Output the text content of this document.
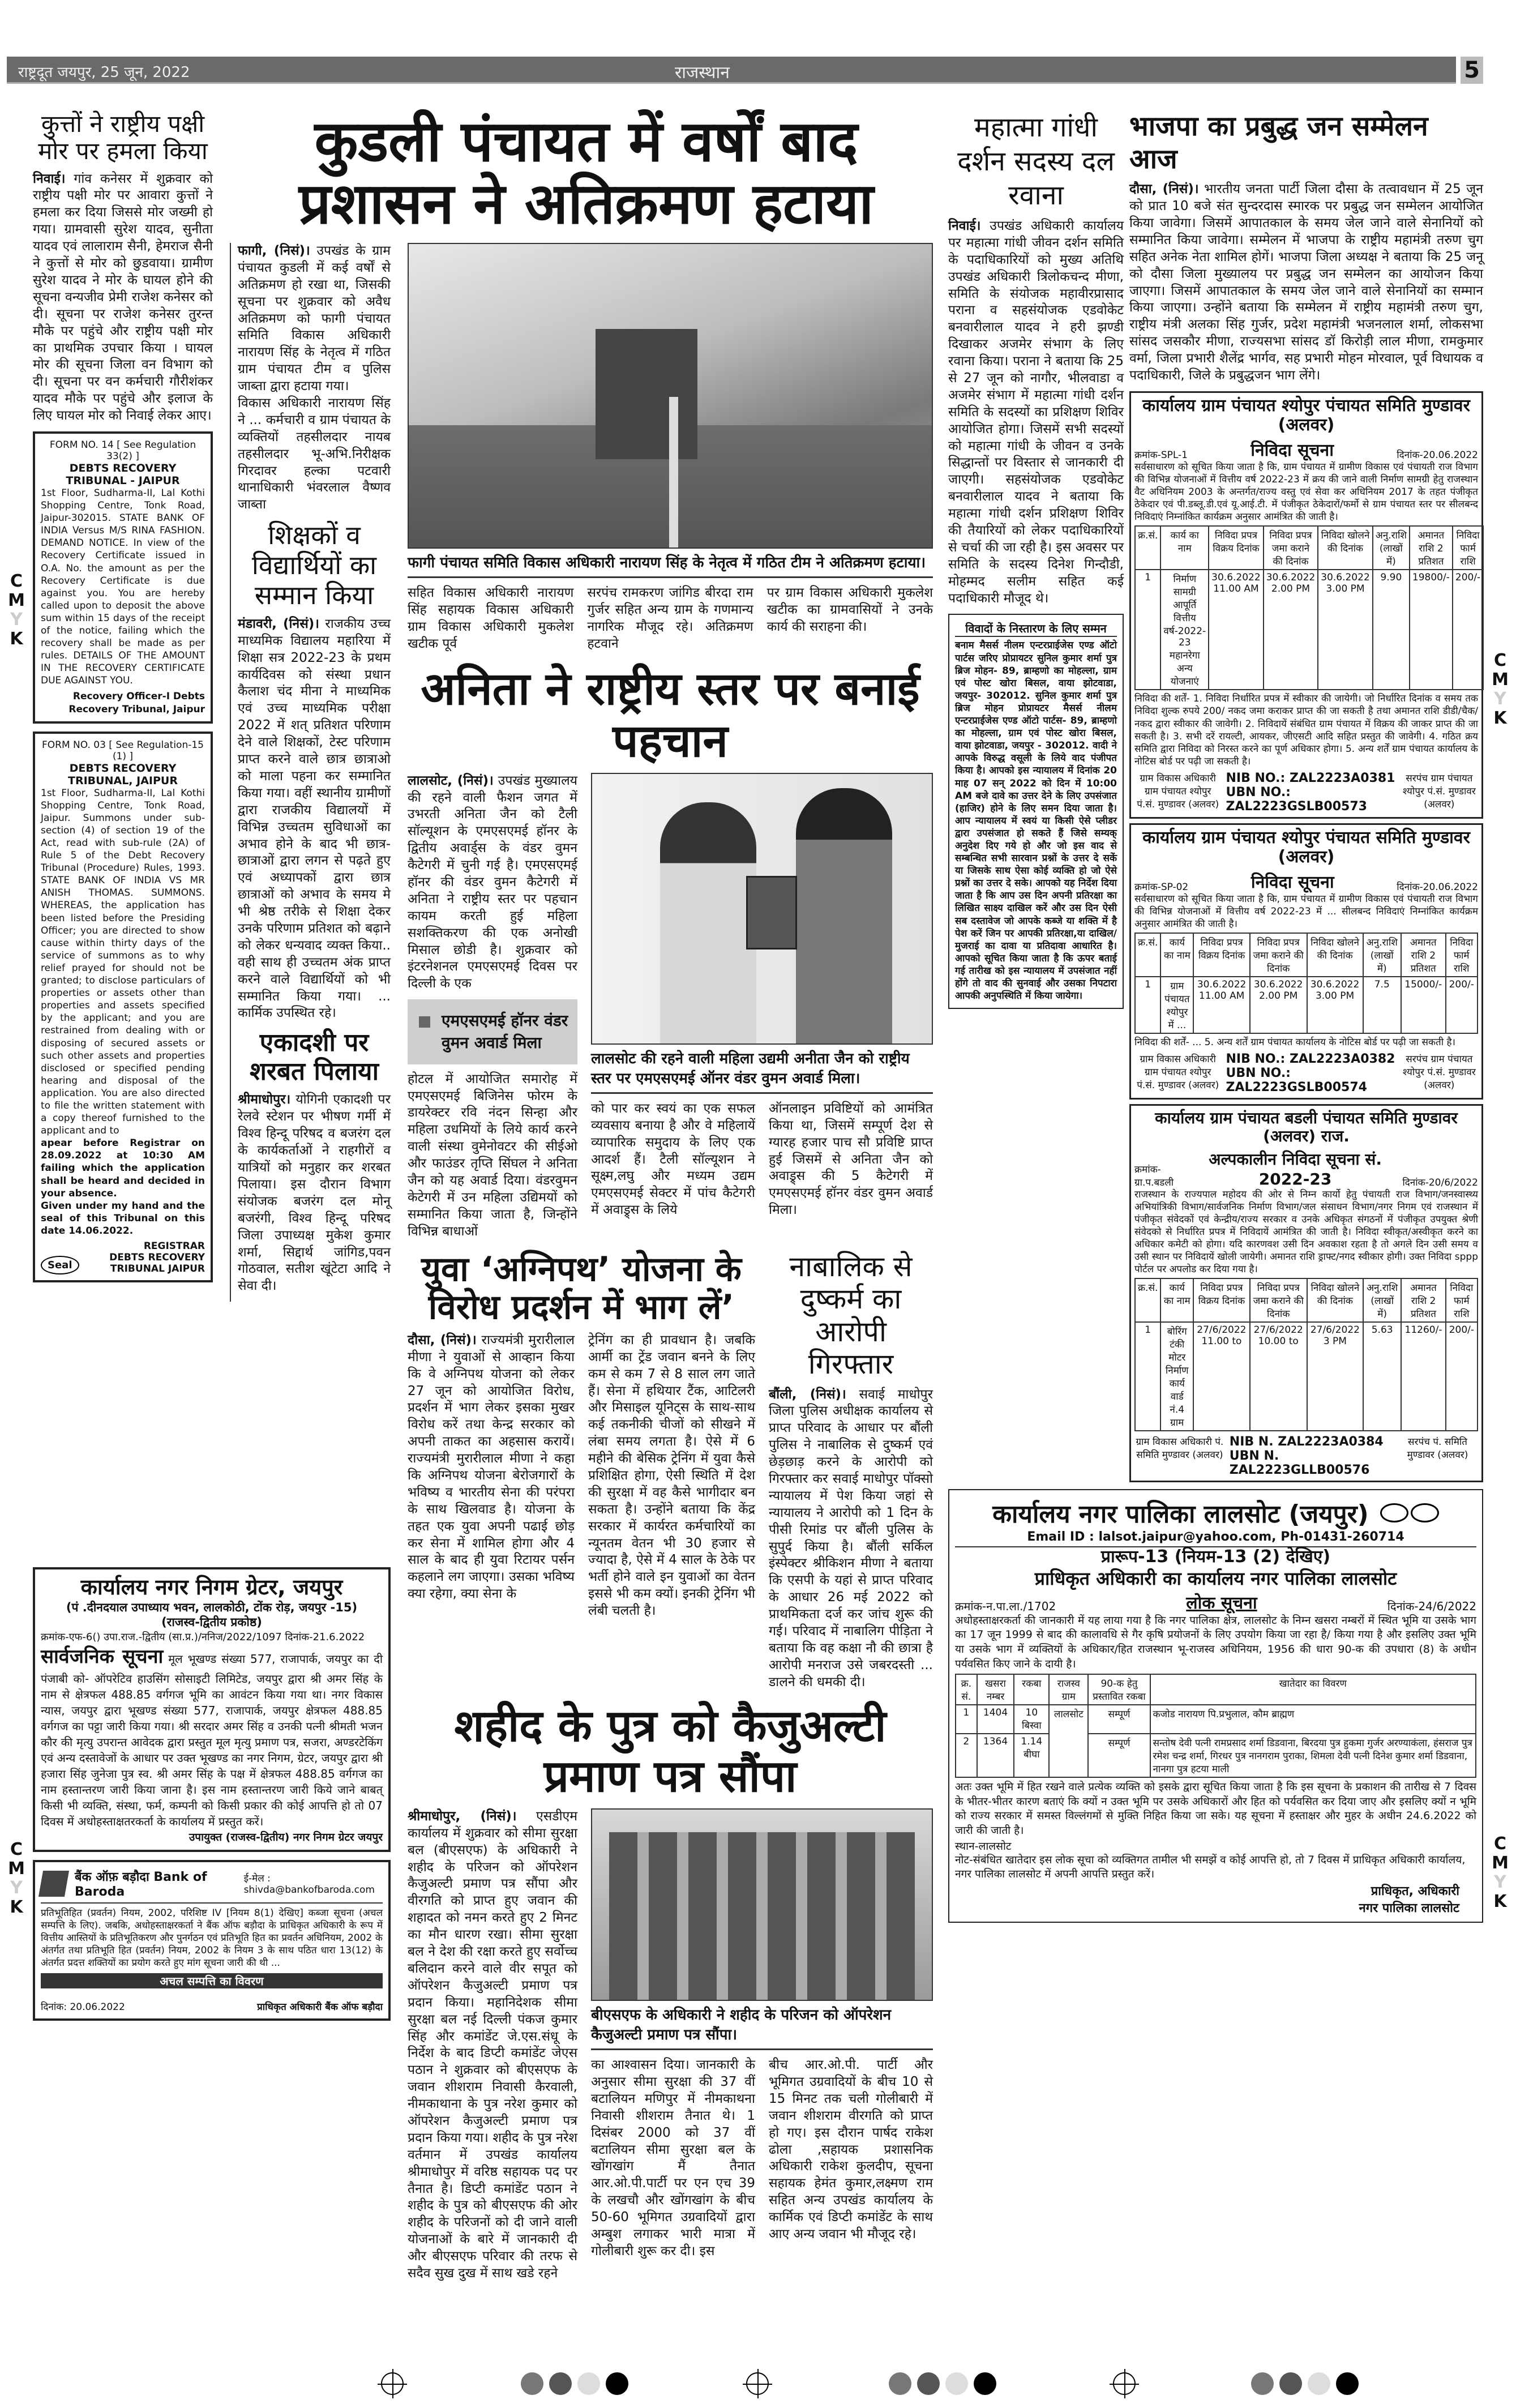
राष्ट्रदूत जयपुर, 25 जून, 2022	राजस्थान	5
कुत्तों ने राष्ट्रीय पक्षी मोर पर हमला किया
निवाई। गांव कनेसर में शुक्रवार को राष्ट्रीय पक्षी मोर पर आवारा कुत्तों ने हमला कर दिया जिससे मोर जख्मी हो गया। ग्रामवासी सुरेश यादव, सुनीता यादव एवं लालाराम सैनी, हेमराज सैनी ने कुत्तों से मोर को छुडवाया। ग्रामीण सुरेश यादव ने मोर के घायल होने की सूचना वन्यजीव प्रेमी राजेश कनेसर को दी। सूचना पर राजेश कनेसर तुरन्त मौके पर पहुंचे और राष्ट्रीय पक्षी मोर का प्राथमिक उपचार किया । घायल मोर की सूचना जिला वन विभाग को दी। सूचना पर वन कर्मचारी गौरीशंकर यादव मौके पर पहुंचे और इलाज के लिए घायल मोर को निवाई लेकर आए।
FORM NO. 14 [ See Regulation 33(2) ]
DEBTS RECOVERY TRIBUNAL - JAIPUR
1st Floor, Sudharma-II, Lal Kothi Shopping Centre, Tonk Road, Jaipur-302015. STATE BANK OF INDIA Versus M/S RINA FASHION. DEMAND NOTICE. In view of the Recovery Certificate issued in O.A. No. the amount as per the Recovery Certificate is due against you. You are hereby called upon to deposit the above sum within 15 days of the receipt of the notice, failing which the recovery shall be made as per rules. DETAILS OF THE AMOUNT IN THE RECOVERY CERTIFICATE DUE AGAINST YOU.
Recovery Officer-I Debts Recovery Tribunal, Jaipur
FORM NO. 03 [ See Regulation-15 (1) ]
DEBTS RECOVERY TRIBUNAL, JAIPUR
1st Floor, Sudharma-II, Lal Kothi Shopping Centre, Tonk Road, Jaipur. Summons under sub-section (4) of section 19 of the Act, read with sub-rule (2A) of Rule 5 of the Debt Recovery Tribunal (Procedure) Rules, 1993. STATE BANK OF INDIA VS MR ANISH THOMAS. SUMMONS. WHEREAS, the application has been listed before the Presiding Officer; you are directed to show cause within thirty days of the service of summons as to why relief prayed for should not be granted; to disclose particulars of properties or assets other than properties and assets specified by the applicant; and you are restrained from dealing with or disposing of secured assets or such other assets and properties disclosed or specified pending hearing and disposal of the application. You are also directed to file the written statement with a copy thereof furnished to the applicant and to
apear before Registrar on 28.09.2022 at 10:30 AM failing which the application shall be heard and decided in your absence.
Given under my hand and the seal of this Tribunal on this date 14.06.2022.
Seal
REGISTRAR
DEBTS RECOVERY TRIBUNAL JAIPUR
कुडली पंचायत में वर्षों बाद
प्रशासन ने अतिक्रमण हटाया
फागी, (निसं)। उपखंड के ग्राम पंचायत कुडली में कई वर्षों से अतिक्रमण हो रखा था, जिसकी सूचना पर शुक्रवार को अवैध अतिक्रमण को फागी पंचायत समिति विकास अधिकारी नारायण सिंह के नेतृत्व में गठित ग्राम पंचायत टीम व पुलिस जाब्ता द्वारा हटाया गया।
विकास अधिकारी नारायण सिंह ने ... कर्मचारी व ग्राम पंचायत के व्यक्तियों तहसीलदार नायब तहसीलदार भू-अभि.निरीक्षक गिरदावर हल्का पटवारी थानाधिकारी भंवरलाल वैष्णव जाब्ता
शिक्षकों व विद्यार्थियों का सम्मान किया
मंडावरी, (निसं)। राजकीय उच्च माध्यमिक विद्यालय महारिया में शिक्षा सत्र 2022-23 के प्रथम कार्यदिवस को संस्था प्रधान कैलाश चंद मीना ने माध्यमिक एवं उच्च माध्यमिक परीक्षा 2022 में शत् प्रतिशत परिणाम देने वाले शिक्षकों, टेस्ट परिणाम प्राप्त करने वाले छात्र छात्राओ को माला पहना कर सम्मानित किया गया। वहीं स्थानीय ग्रामीणों द्वारा राजकीय विद्यालयों में विभिन्न उच्चतम सुविधाओं का अभाव होने के बाद भी छात्र-छात्राओं द्वारा लगन से पढ़ते हुए एवं अध्यापकों द्वारा छात्र छात्राओं को अभाव के समय मे भी श्रेष्ठ तरीके से शिक्षा देकर उनके परिणाम प्रतिशत को बढ़ाने को लेकर धन्यवाद व्यक्त किया.. वही साथ ही उच्चतम अंक प्राप्त करने वाले विद्यार्थियों को भी सम्मानित किया गया। ... कार्मिक उपस्थित रहे।
एकादशी पर शरबत पिलाया
श्रीमाधोपुर। योगिनी एकादशी पर रेलवे स्टेशन पर भीषण गर्मी में विश्व हिन्दू परिषद व बजरंग दल के कार्यकर्ताओं ने राहगीरों व यात्रियों को मनुहार कर शरबत पिलाया। इस दौरान विभाग संयोजक बजरंग दल मोनू बजरंगी, विश्व हिन्दू परिषद जिला उपाध्यक्ष मुकेश कुमार शर्मा, सिद्दार्थ जांगिड,पवन गोठवाल, सतीश खूंटेटा आदि ने सेवा दी।
फागी पंचायत समिति विकास अधिकारी नारायण सिंह के नेतृत्व में गठित टीम ने अतिक्रमण हटाया।
सहित विकास अधिकारी नारायण सिंह सहायक विकास अधिकारी ग्राम विकास अधिकारी मुकलेश खटीक पूर्व
सरपंच रामकरण जांगिड बीरदा राम गुर्जर सहित अन्य ग्राम के गणमान्य नागरिक मौजूद रहे। अतिक्रमण हटवाने
पर ग्राम विकास अधिकारी मुकलेश खटीक का ग्रामवासियों ने उनके कार्य की सराहना की।
अनिता ने राष्ट्रीय स्तर पर बनाई पहचान
लालसोट, (निसं)। उपखंड मुख्यालय की रहने वाली फैशन जगत में उभरती अनिता जैन को टैली सॉल्यूशन के एमएसएमई हॉनर के द्वितीय अवार्ड्स के वंडर वुमन कैटेगरी में चुनी गई है। एमएसएमई हॉनर की वंडर वुमन कैटेगरी में अनिता ने राष्ट्रीय स्तर पर पहचान कायम करती हुई महिला सशक्तिकरण की एक अनोखी मिसाल छोडी है। शुक्रवार को इंटरनेशनल एमएसएमई दिवस पर दिल्ली के एक
एमएसएमई हॉनर वंडर वुमन अवार्ड मिला
होटल में आयोजित समारोह में एमएसएमई बिजिनेस फोरम के डायरेक्टर रवि नंदन सिन्हा और महिला उधमियों के लिये कार्य करने वाली संस्था वुमेनोवटर की सीईओ और फाउंडर तृप्ति सिंघल ने अनिता जैन को यह अवार्ड दिया। वंडरवुमन केटेगरी में उन महिला उद्यिमयों को सम्मानित किया जाता है, जिन्होंने विभिन्न बाधाओं
लालसोट की रहने वाली महिला उद्यमी अनीता जैन को राष्ट्रीय स्तर पर एमएसएमई ऑनर वंडर वुमन अवार्ड मिला।
को पार कर स्वयं का एक सफल व्यवसाय बनाया है और वे महिलायें व्यापारिक समुदाय के लिए एक आदर्श हैं। टैली सॉल्यूशन ने सूक्ष्म,लघु और मध्यम उद्यम एमएसएमई सेक्टर में पांच कैटेगरी में अवाड्र्स के लिये
ऑनलाइन प्रविष्टियों को आमंत्रित किया था, जिसमें सम्पूर्ण देश से ग्यारह हजार पाच सौ प्रविष्टि प्राप्त हुई जिसमें से अनिता जैन को अवाड्र्स की 5 कैटेगरी में एमएसएमई हॉनर वंडर वुमन अवार्ड मिला।
युवा ‘अग्निपथ’ योजना के विरोध प्रदर्शन में भाग लें’
दौसा, (निसं)। राज्यमंत्री मुरारीलाल मीणा ने युवाओं से आव्हान किया कि वे अग्निपथ योजना को लेकर 27 जून को आयोजित विरोध, प्रदर्शन में भाग लेकर इसका मुखर विरोध करें तथा केन्द्र सरकार को अपनी ताकत का अहसास करायें। राज्यमंत्री मुरारीलाल मीणा ने कहा कि अग्निपथ योजना बेरोजगारों के भविष्य व भारतीय सेना की परंपरा के साथ खिलवाड है। योजना के तहत एक युवा अपनी पढाई छोड़ कर सेना में शामिल होगा और 4 साल के बाद ही युवा रिटायर पर्सन कहलाने लग जाएगा। उसका भविष्य क्या रहेगा, क्या सेना के
ट्रेनिंग का ही प्रावधान है। जबकि आर्मी का ट्रेंड जवान बनने के लिए कम से कम 7 से 8 साल लग जाते हैं। सेना में हथियार टैंक, आटिलरी और मिसाइल यूनिट्स के साथ-साथ कई तकनीकी चीजों को सीखने में लंबा समय लगता है। ऐसे में 6 महीने की बेसिक ट्रेनिंग में युवा कैसे प्रशिक्षित होगा, ऐसी स्थिति में देश की सुरक्षा में वह कैसे भागीदार बन सकता है। उन्होंने बताया कि केंद्र सरकार में कार्यरत कर्मचारियों का न्यूनतम वेतन भी 30 हजार से ज्यादा है, ऐसे में 4 साल के ठेके पर भर्ती होने वाले इन युवाओं का वेतन इससे भी कम क्यों। इनकी ट्रेनिंग भी लंबी चलती है।
नाबालिक से दुष्कर्म का आरोपी गिरफ्तार
बौंली, (निसं)। सवाई माधोपुर जिला पुलिस अधीक्षक कार्यालय से प्राप्त परिवाद के आधार पर बौंली पुलिस ने नाबालिक से दुष्कर्म एवं छेड़छाड़ करने के आरोपी को गिरफ्तार कर सवाई माधोपुर पॉक्सो न्यायालय में पेश किया जहां से न्यायालय ने आरोपी को 1 दिन के पीसी रिमांड पर बौंली पुलिस के सुपुर्द किया है। बौंली सर्किल इंस्पेक्टर श्रीकिशन मीणा ने बताया कि एसपी के यहां से प्राप्त परिवाद के आधार 26 मई 2022 को प्राथमिकता दर्ज कर जांच शुरू की गई। परिवाद में नाबालिग पीड़िता ने बताया कि वह कक्षा नौ की छात्रा है आरोपी मनराज उसे जबरदस्ती ... डालने की धमकी दी।
शहीद के पुत्र को कैजुअल्टी प्रमाण पत्र सौंपा
श्रीमाधोपुर, (निसं)। एसडीएम कार्यालय में शुक्रवार को सीमा सुरक्षा बल (बीएसएफ) के अधिकारी ने शहीद के परिजन को ऑपरेशन कैजुअल्टी प्रमाण पत्र सौंपा और वीरगति को प्राप्त हुए जवान की शहादत को नमन करते हुए 2 मिनट का मौन धारण रखा। सीमा सुरक्षा बल ने देश की रक्षा करते हुए सर्वोच्च बलिदान करने वाले वीर सपूत को ऑपरेशन कैजुअल्टी प्रमाण पत्र प्रदान किया। महानिदेशक सीमा सुरक्षा बल नई दिल्ली पंकज कुमार सिंह और कमांडेंट जे.एस.संधू के निर्देश के बाद डिप्टी कमांडेंट जेएस पठान ने शुक्रवार को बीएसएफ के जवान शीशराम निवासी कैरवाली, नीमकाथाना के पुत्र नरेश कुमार को ऑपरेशन कैजुअल्टी प्रमाण पत्र प्रदान किया गया। शहीद के पुत्र नरेश वर्तमान में उपखंड कार्यालय श्रीमाधोपुर में वरिष्ठ सहायक पद पर तैनात है। डिप्टी कमांडेंट पठान ने शहीद के पुत्र को बीएसएफ की ओर शहीद के परिजनों को दी जाने वाली योजनाओं के बारे में जानकारी दी और बीएसएफ परिवार की तरफ से सदैव सुख दुख में साथ खडे रहने
बीएसएफ के अधिकारी ने शहीद के परिजन को ऑपरेशन कैजुअल्टी प्रमाण पत्र सौंपा।
का आश्वासन दिया। जानकारी के अनुसार सीमा सुरक्षा की 37 वीं बटालियन मणिपुर में नीमकाथना निवासी शीशराम तैनात थे। 1 दिसंबर 2000 को 37 वीं बटालियन सीमा सुरक्षा बल के खोंगखांग मैं तैनात आर.ओ.पी.पार्टी पर एन एच 39 के लखचौ और खोंगखांग के बीच 50-60 भूमिगत उग्रवादियों द्वारा अम्बुश लगाकर भारी मात्रा में गोलीबारी शुरू कर दी। इस
बीच आर.ओ.पी. पार्टी और भूमिगत उग्रवादियों के बीच 10 से 15 मिनट तक चली गोलीबारी में जवान शीशराम वीरगति को प्राप्त हो गए। इस दौरान पार्षद राकेश ढोला ,सहायक प्रशासनिक अधिकारी राकेश कुलदीप, सूचना सहायक हेमंत कुमार,लक्ष्मण राम सहित अन्य उपखंड कार्यालय के कार्मिक एवं डिप्टी कमांडेंट के साथ आए अन्य जवान भी मौजूद रहे।
कार्यालय नगर निगम ग्रेटर, जयपुर
(पं .दीनदयाल उपाध्याय भवन, लालकोठी, टोंक रोड़, जयपुर -15)
(राजस्व-द्वितीय प्रकोष्ठ)
क्रमांक-एफ-6() उपा.राज.-द्वितीय (सा.प्र.)/ननिज/2022/1097 दिनांक-21.6.2022
सार्वजनिक सूचना मूल भूखण्ड संख्या 577, राजापार्क, जयपुर का दी पंजाबी को- ऑपरेटिव हाउसिंग सोसाइटी लिमिटेड, जयपुर द्वारा श्री अमर सिंह के नाम से क्षेत्रफल 488.85 वर्गगज भूमि का आवंटन किया गया था। नगर विकास न्यास, जयपुर द्वारा भूखण्ड संख्या 577, राजापार्क, जयपुर क्षेत्रफल 488.85 वर्गगज का पट्टा जारी किया गया। श्री सरदार अमर सिंह व उनकी पत्नी श्रीमती भजन कौर की मृत्यु उपरान्त आवेदक द्वारा प्रस्तुत मूल मृत्यु प्रमाण पत्र, सजरा, अण्डरटेकिंग एवं अन्य दस्तावेजों के आधार पर उक्त भूखण्ड का नगर निगम, ग्रेटर, जयपुर द्वारा श्री हजारा सिंह जुनेजा पुत्र स्व. श्री अमर सिंह के पक्ष में क्षेत्रफल 488.85 वर्गगज का नाम हस्तान्तरण जारी किया जाना है। इस नाम हस्तान्तरण जारी किये जाने बाबत् किसी भी व्यक्ति, संस्था, फर्म, कम्पनी को किसी प्रकार की कोई आपत्ति हो तो 07 दिवस में अधोहस्ताक्षतरकर्ता के कार्यालय में प्रस्तुत करें।
उपायुक्त (राजस्व-द्वितीय) नगर निगम ग्रेटर जयपुर
बैंक ऑफ़ बड़ौदा Bank of Baroda
ई-मेल : shivda@bankofbaroda.com
प्रतिभूतिहित (प्रवर्तन) नियम, 2002, परिशिष्ट IV [नियम 8(1) देखिए] कब्जा सूचना (अचल सम्पत्ति के लिए). जबकि, अधोहस्ताक्षरकर्ता ने बैंक ऑफ बड़ौदा के प्राधिकृत अधिकारी के रूप में वित्तीय आस्तियों के प्रतिभूतिकरण और पुनर्गठन एवं प्रतिभूति हित का प्रवर्तन अधिनियम, 2002 के अंतर्गत तथा प्रतिभूति हित (प्रवर्तन) नियम, 2002 के नियम 3 के साथ पठित धारा 13(12) के अंतर्गत प्रदत्त शक्तियों का प्रयोग करते हुए मांग सूचना जारी की थी ...
अचल सम्पत्ति का विवरण
दिनांक: 20.06.2022	प्राधिकृत अधिकारी बैंक ऑफ बड़ौदा
महात्मा गांधी दर्शन सदस्य दल रवाना
निवाई। उपखंड अधिकारी कार्यालय पर महात्मा गांधी जीवन दर्शन समिति के पदाधिकारियों को मुख्य अतिथि उपखंड अधिकारी त्रिलोकचन्द मीणा, समिति के संयोजक महावीरप्रासाद पराना व सहसंयोजक एडवोकेट बनवारीलाल यादव ने हरी झण्डी दिखाकर अजमेर संभाग के लिए रवाना किया। पराना ने बताया कि 25 से 27 जून को नागौर, भीलवाडा व अजमेर संभाग में महात्मा गांधी दर्शन समिति के सदस्यों का प्रशिक्षण शिविर आयोजित होगा। जिसमें सभी सदस्यों को महात्मा गांधी के जीवन व उनके सिद्धान्तों पर विस्तार से जानकारी दी जाएगी। सहसंयोजक एडवोकेट बनवारीलाल यादव ने बताया कि महात्मा गांधी दर्शन प्रशिक्षण शिविर की तैयारियों को लेकर पदाधिकारियों से चर्चा की जा रही है। इस अवसर पर समिति के सदस्य दिनेश गिन्दौडी, मोहम्मद सलीम सहित कई पदाधिकारी मौजूद थे।
विवादों के निस्तारण के लिए सम्मन
बनाम मैसर्स नीलम एन्टरप्राईजेस एण्ड ऑटो पार्टस जरिए प्रोप्रायटर सुनिल कुमार शर्मा पुत्र ब्रिज मोहन- 89, ब्राम्हणो का मोहल्ला, ग्राम एवं पोस्ट खोरा बिसल, वाया झोटवाडा, जयपुर- 302012. सुनिल कुमार शर्मा पुत्र ब्रिज मोहन प्रोप्रायटर मैसर्स नीलम एन्टरप्राईजेस एण्ड ऑटो पार्टस- 89, ब्राम्हणो का मोहल्ला, ग्राम एवं पोस्ट खोरा बिसल, वाया झोटवाडा, जयपुर - 302012. वादी ने आपके विरुद्ध वसूली के लिये वाद पंजीपत किया है। आपको इस न्यायालय में दिनांक 20 माह 07 सन् 2022 को दिन में 10:00 AM बजे दावे का उत्तर देने के लिए उपसंजात (हाजिर) होने के लिए समन दिया जाता है। आप न्यायालय में स्वयं या किसी ऐसे प्लीडर द्वारा उपसंजात हो सकते हैं जिसे सम्यक् अनुदेश दिए गये हो और जो इस वाद से सम्बन्धित सभी सारवान प्रश्नों के उत्तर दे सकें या जिसके साथ ऐसा कोई व्यक्ति हो जो ऐसे प्रश्नों का उत्तर दे सके। आपको यह निर्देश दिया जाता है कि आप उस दिन अपनी प्रतिरक्षा का लिखित साक्ष्य दाखिल करें और उस दिन ऐसी सब दस्तावेज जो आपके कब्जे या शक्ति में है पेश करें जिन पर आपकी प्रतिरक्षा,या दाखिल/मुजराई का दावा या प्रतिदावा आधारित है। आपको सूचित किया जाता है कि ऊपर बताई गई तारीख को इस न्यायालय में उपसंजात नहीं होंगे तो वाद की सुनवाई और उसका निपटारा आपकी अनुपस्थिति में किया जायेगा।
भाजपा का प्रबुद्ध जन सम्मेलन आज
दौसा, (निसं)। भारतीय जनता पार्टी जिला दौसा के तत्वावधान में 25 जून को प्रात 10 बजे संत सुन्दरदास स्मारक पर प्रबुद्ध जन सम्मेलन आयोजित किया जावेगा। जिसमें आपातकाल के समय जेल जाने वाले सेनानियों को सम्मानित किया जावेगा। सम्मेलन में भाजपा के राष्ट्रीय महामंत्री तरुण चुग सहित अनेक नेता शामिल होगें। भाजपा जिला अध्यक्ष ने बताया कि 25 जनू को दौसा जिला मुख्यालय पर प्रबुद्ध जन सम्मेलन का आयोजन किया जाएगा। जिसमें आपातकाल के समय जेल जाने वाले सेनानियों का सम्मान किया जाएगा। उन्होंने बताया कि सम्मेलन में राष्ट्रीय महामंत्री तरुण चुग, राष्ट्रीय मंत्री अलका सिंह गुर्जर, प्रदेश महामंत्री भजनलाल शर्मा, लोकसभा सांसद जसकौर मीणा, राज्यसभा सांसद डॉ किरोड़ी लाल मीणा, रामकुमार वर्मा, जिला प्रभारी शैलेंद्र भार्गव, सह प्रभारी मोहन मोरवाल, पूर्व विधायक व पदाधिकारी, जिले के प्रबुद्धजन भाग लेंगे।
कार्यालय ग्राम पंचायत श्योपुर पंचायत समिति मुण्डावर (अलवर)
क्रमांक-SPL-1	निविदा सूचना	दिनांक-20.06.2022
सर्वसाधारण को सूचित किया जाता है कि, ग्राम पंचायत में ग्रामीण विकास एवं पंचायती राज विभाग की विभिन्न योजनाओं में वित्तीय वर्ष 2022-23 में क्रय की जाने वाली निर्माण सामग्री हेतु राजस्थान वैट अधिनियम 2003 के अन्तर्गत/राज्य वस्तु एवं सेवा कर अधिनियम 2017 के तहत पंजीकृत ठेकेदार एवं पी.डब्लू.डी.एवं यू.आई.टी. में पंजीकृत ठेकेदारों/फर्मो से ग्राम पंचायत स्तर पर सीलबन्द निविदाएं निम्नांकित कार्यक्रम अनुसार आमंत्रित की जाती है।
क्र.सं.	कार्य का नाम	निविदा प्रपत्र विक्रय दिनांक	निविदा प्रपत्र जमा कराने की दिनांक	निविदा खोलने की दिनांक	अनु.राशि (लाखों में)	अमानत राशि 2 प्रतिशत	निविदा फार्म राशि
1	निर्माण सामग्री आपूर्ति वित्तीय वर्ष-2022-23 महानरेगा अन्य योजनाएं	30.6.2022 11.00 AM	30.6.2022 2.00 PM	30.6.2022 3.00 PM	9.90	19800/-	200/-
निविदा की शर्तें- 1. निविदा निर्धारित प्रपत्र में स्वीकार की जायेगी। जो निर्धारित दिनांक व समय तक निविदा शुल्क रुपये 200/ नकद जमा कराकर प्राप्त की जा सकती है तथा अमानत राशि डीडी/चैक/नकद द्वारा स्वीकार की जावेगी। 2. निविदायें संबंधित ग्राम पंचायत में विक्रय की जाकर प्राप्त की जा सकती है। 3. सभी दरें रायल्टी, आयकर, जीएसटी आदि सहित प्रस्तुत की जावेगी। 4. गठित क्रय समिति द्वारा निविदा को निरस्त करने का पूर्ण अधिकार होगा। 5. अन्य शर्तें ग्राम पंचायत कार्यालय के नोटिस बोर्ड पर पढ़ी जा सकती है।
ग्राम विकास अधिकारी ग्राम पंचायत श्योपुर पं.सं. मुण्डावर (अलवर)
NIB NO.: ZAL2223A0381
UBN NO.: ZAL2223GSLB00573
सरपंच ग्राम पंचायत श्योपुर पं.सं. मुण्डावर (अलवर)
कार्यालय ग्राम पंचायत श्योपुर पंचायत समिति मुण्डावर (अलवर)
क्रमांक-SP-02	निविदा सूचना	दिनांक-20.06.2022
सर्वसाधारण को सूचित किया जाता है कि, ग्राम पंचायत में ग्रामीण विकास एवं पंचायती राज विभाग की विभिन्न योजनाओं में वित्तीय वर्ष 2022-23 में ... सीलबन्द निविदाएं निम्नांकित कार्यक्रम अनुसार आमंत्रित की जाती है।
क्र.सं.	कार्य का नाम	निविदा प्रपत्र विक्रय दिनांक	निविदा प्रपत्र जमा कराने की दिनांक	निविदा खोलने की दिनांक	अनु.राशि (लाखों में)	अमानत राशि 2 प्रतिशत	निविदा फार्म राशि
1	ग्राम पंचायत श्योपुर में ...	30.6.2022 11.00 AM	30.6.2022 2.00 PM	30.6.2022 3.00 PM	7.5	15000/-	200/-
निविदा की शर्तें- ... 5. अन्य शर्तें ग्राम पंचायत कार्यालय के नोटिस बोर्ड पर पढ़ी जा सकती है।
ग्राम विकास अधिकारी ग्राम पंचायत श्योपुर पं.सं. मुण्डावर (अलवर)
NIB NO.: ZAL2223A0382
UBN NO.: ZAL2223GSLB00574
सरपंच ग्राम पंचायत श्योपुर पं.सं. मुण्डावर (अलवर)
कार्यालय ग्राम पंचायत बडली पंचायत समिति मुण्डावर (अलवर) राज.
क्रमांक-ग्रा.प.बडली
अल्पकालीन निविदा सूचना सं. 2022-23	दिनांक-20/6/2022
राजस्थान के राज्यपाल महोदय की ओर से निम्न कार्यो हेतु पंचायती राज विभाग/जनस्वास्थ्य अभियांत्रिकी विभाग/सार्वजनिक निर्माण विभाग/जल संसाधन विभाग/नगर निगम एवं राजस्थान में पंजीकृत संवेदकों एवं केन्द्रीय/राज्य सरकार व उनके अधिकृत संगठनों में पंजीकृत उपयुक्त श्रेणी संवेदको से निर्धारित प्रपत्र में निविदायें आमंत्रित की जाती है। निविदा स्वीकृत/अस्वीकृत करने का अधिकार कमेटी को होगा। यदि कारणवश उसी दिन अवकाश रहता है तो अगले दिन उसी समय व उसी स्थान पर निविदायें खोली जायेगी। अमानत राशि ड्राफ्ट/नगद स्वीकार होगी। उक्त निविदा sppp पोर्टल पर अपलोड कर दिया गया है।
क्र.सं.	कार्य का नाम	निविदा प्रपत्र विक्रय दिनांक	निविदा प्रपत्र जमा कराने की दिनांक	निविदा खोलने की दिनांक	अनु.राशि (लाखों में)	अमानत राशि 2 प्रतिशत	निविदा फार्म राशि
1	बोरिंग टंकी मोटर निर्माण कार्य वार्ड नं.4 ग्राम	27/6/2022 11.00 to	27/6/2022 10.00 to	27/6/2022 3 PM	5.63	11260/-	200/-
ग्राम विकास अधिकारी पं. समिति मुण्डावर (अलवर)
NIB N. ZAL2223A0384
UBN N. ZAL2223GLLB00576
सरपंच पं. समिति मुण्डावर (अलवर)
कार्यालय नगर पालिका लालसोट (जयपुर)
Email ID : lalsot.jaipur@yahoo.com, Ph-01431-260714
प्रारूप-13 (नियम-13 (2) देखिए)
प्राधिकृत अधिकारी का कार्यालय नगर पालिका लालसोट
क्रमांक-न.पा.ला./1702	लोक सूचना	दिनांक-24/6/2022
अधोहस्ताक्षरकर्ता की जानकारी में यह लाया गया है कि नगर पालिका क्षेत्र, लालसोट के निम्न खसरा नम्बरों में स्थित भूमि या उसके भाग का 17 जून 1999 से बाद की कालावधि से गैर कृषि प्रयोजनों के लिए उपयोग किया जा रहा है/ किया गया है और इसलिए उक्त भूमि या उसके भाग में व्यक्तियों के अधिकार/हित राजस्थान भू-राजस्व अधिनियम, 1956 की धारा 90-क की उपधारा (8) के अधीन पर्यवसित किए जाने के दायी है।
क्र. सं.	खसरा नम्बर	रकबा	राजस्व ग्राम	90-क हेतु प्रस्तावित रकबा	खातेदार का विवरण
1	1404	10 बिस्वा	लालसोट	सम्पूर्ण	कजोड नारायण पि.प्रभुलाल, कौम ब्राह्मण
2	1364	1.14 बीघा		सम्पूर्ण	सन्तोष देवी पत्नी रामप्रसाद शर्मा डिडवाना, बिरदया पुत्र हुकमा गुर्जर अरण्याकंला, हंसराज पुत्र रमेश चन्द्र शर्मा, गिरधर पुत्र नानगराम पुराका, शिमला देवी पत्नी दिनेश कुमार शर्मा डिडवाना, नानगा पुत्र हटया माली
अतः उक्त भूमि में हित रखने वाले प्रत्येक व्यक्ति को इसके द्वारा सूचित किया जाता है कि इस सूचना के प्रकाशन की तारीख से 7 दिवस के भीतर-भीतर कारण बताएं कि क्यों न उक्त भूमि पर उसके अधिकारों और हित को पर्यवसित कर दिया जाए और इसलिए क्यों न भूमि को राज्य सरकार में समस्त विल्लंगमों से मुक्ति निहित किया जा सके। यह सूचना में हस्ताक्षर और मुहर के अधीन 24.6.2022 को जारी की जाती है।
स्थान-लालसोट
नोट-संबंधित खातेदार इस लोक सूचा को व्यक्तिगत तामील भी समझें व कोई आपत्ति हो, तो 7 दिवस में प्राधिकृत अधिकारी कार्यालय, नगर पालिका लालसोट में अपनी आपत्ति प्रस्तुत करें।
प्राधिकृत, अधिकारी
नगर पालिका लालसोट
C
M
Y
K
C
M
Y
K
C
M
Y
K
C
M
Y
K
